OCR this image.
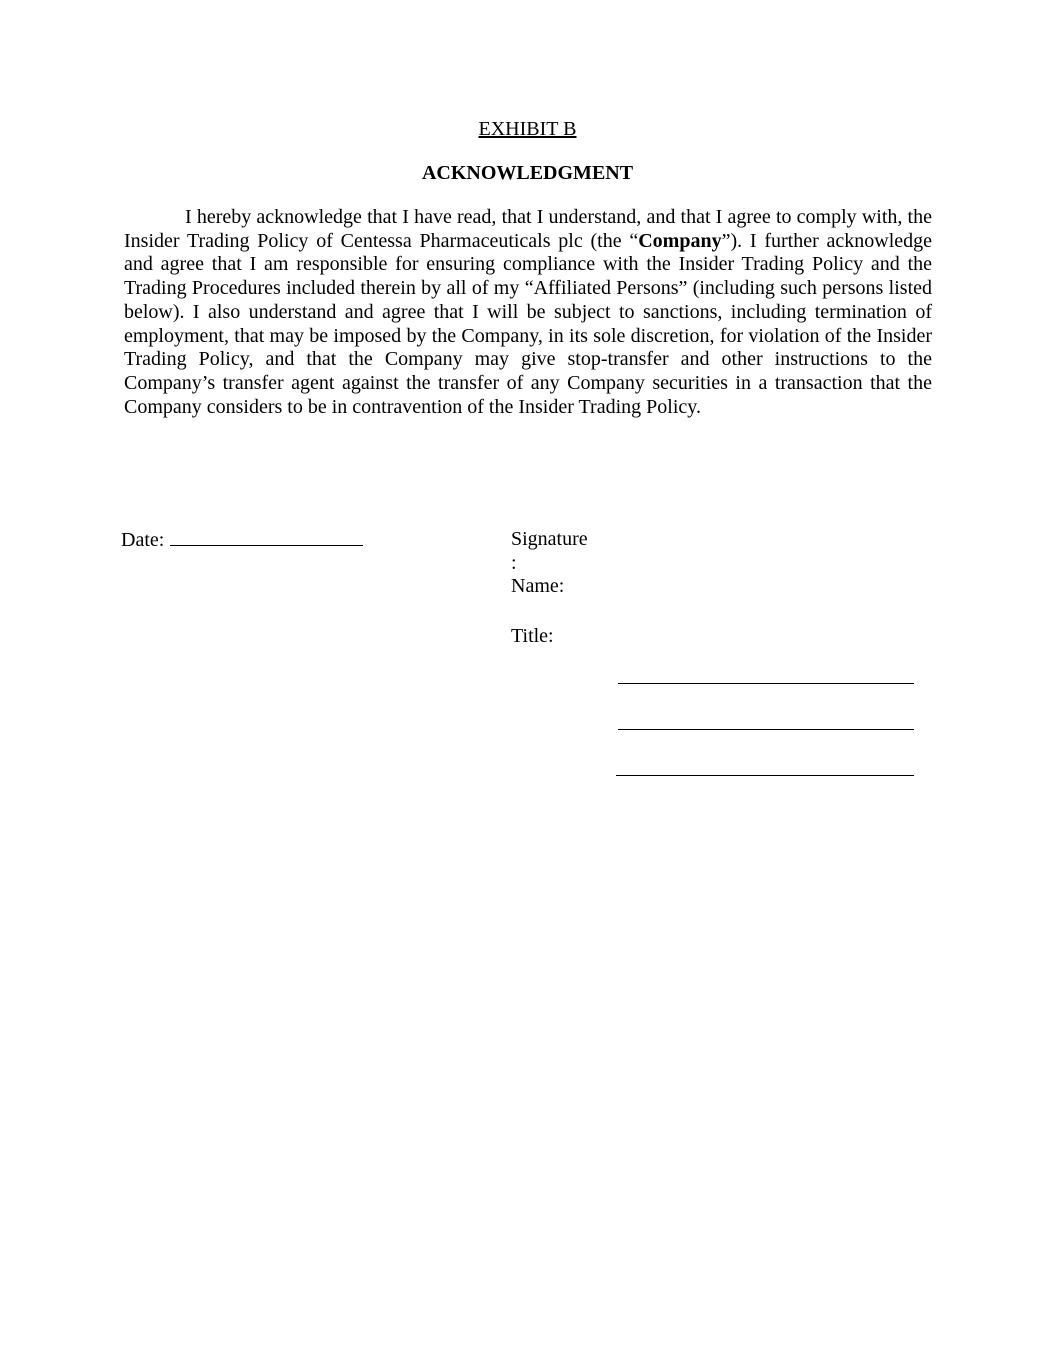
EXHIBIT B
ACKNOWLEDGMENT

I hereby acknowledge that I have read, that I understand, and that I agree to comply with, the Insider Trading Policy of Centessa Pharmaceuticals plc (the “Company”). I further acknowledge and agree that I am responsible for ensuring compliance with the Insider Trading Policy and the Trading Procedures included therein by all of my “Affiliated Persons” (including such persons listed below). I also understand and agree that I will be subject to sanctions, including termination of employment, that may be imposed by the Company, in its sole discretion, for violation of the Insider Trading Policy, and that the Company may give stop-transfer and other instructions to the Company’s transfer agent against the transfer of any Company securities in a transaction that the Company considers to be in contravention of the Insider Trading Policy.

Date:	Signature
:
Name:
Title:
